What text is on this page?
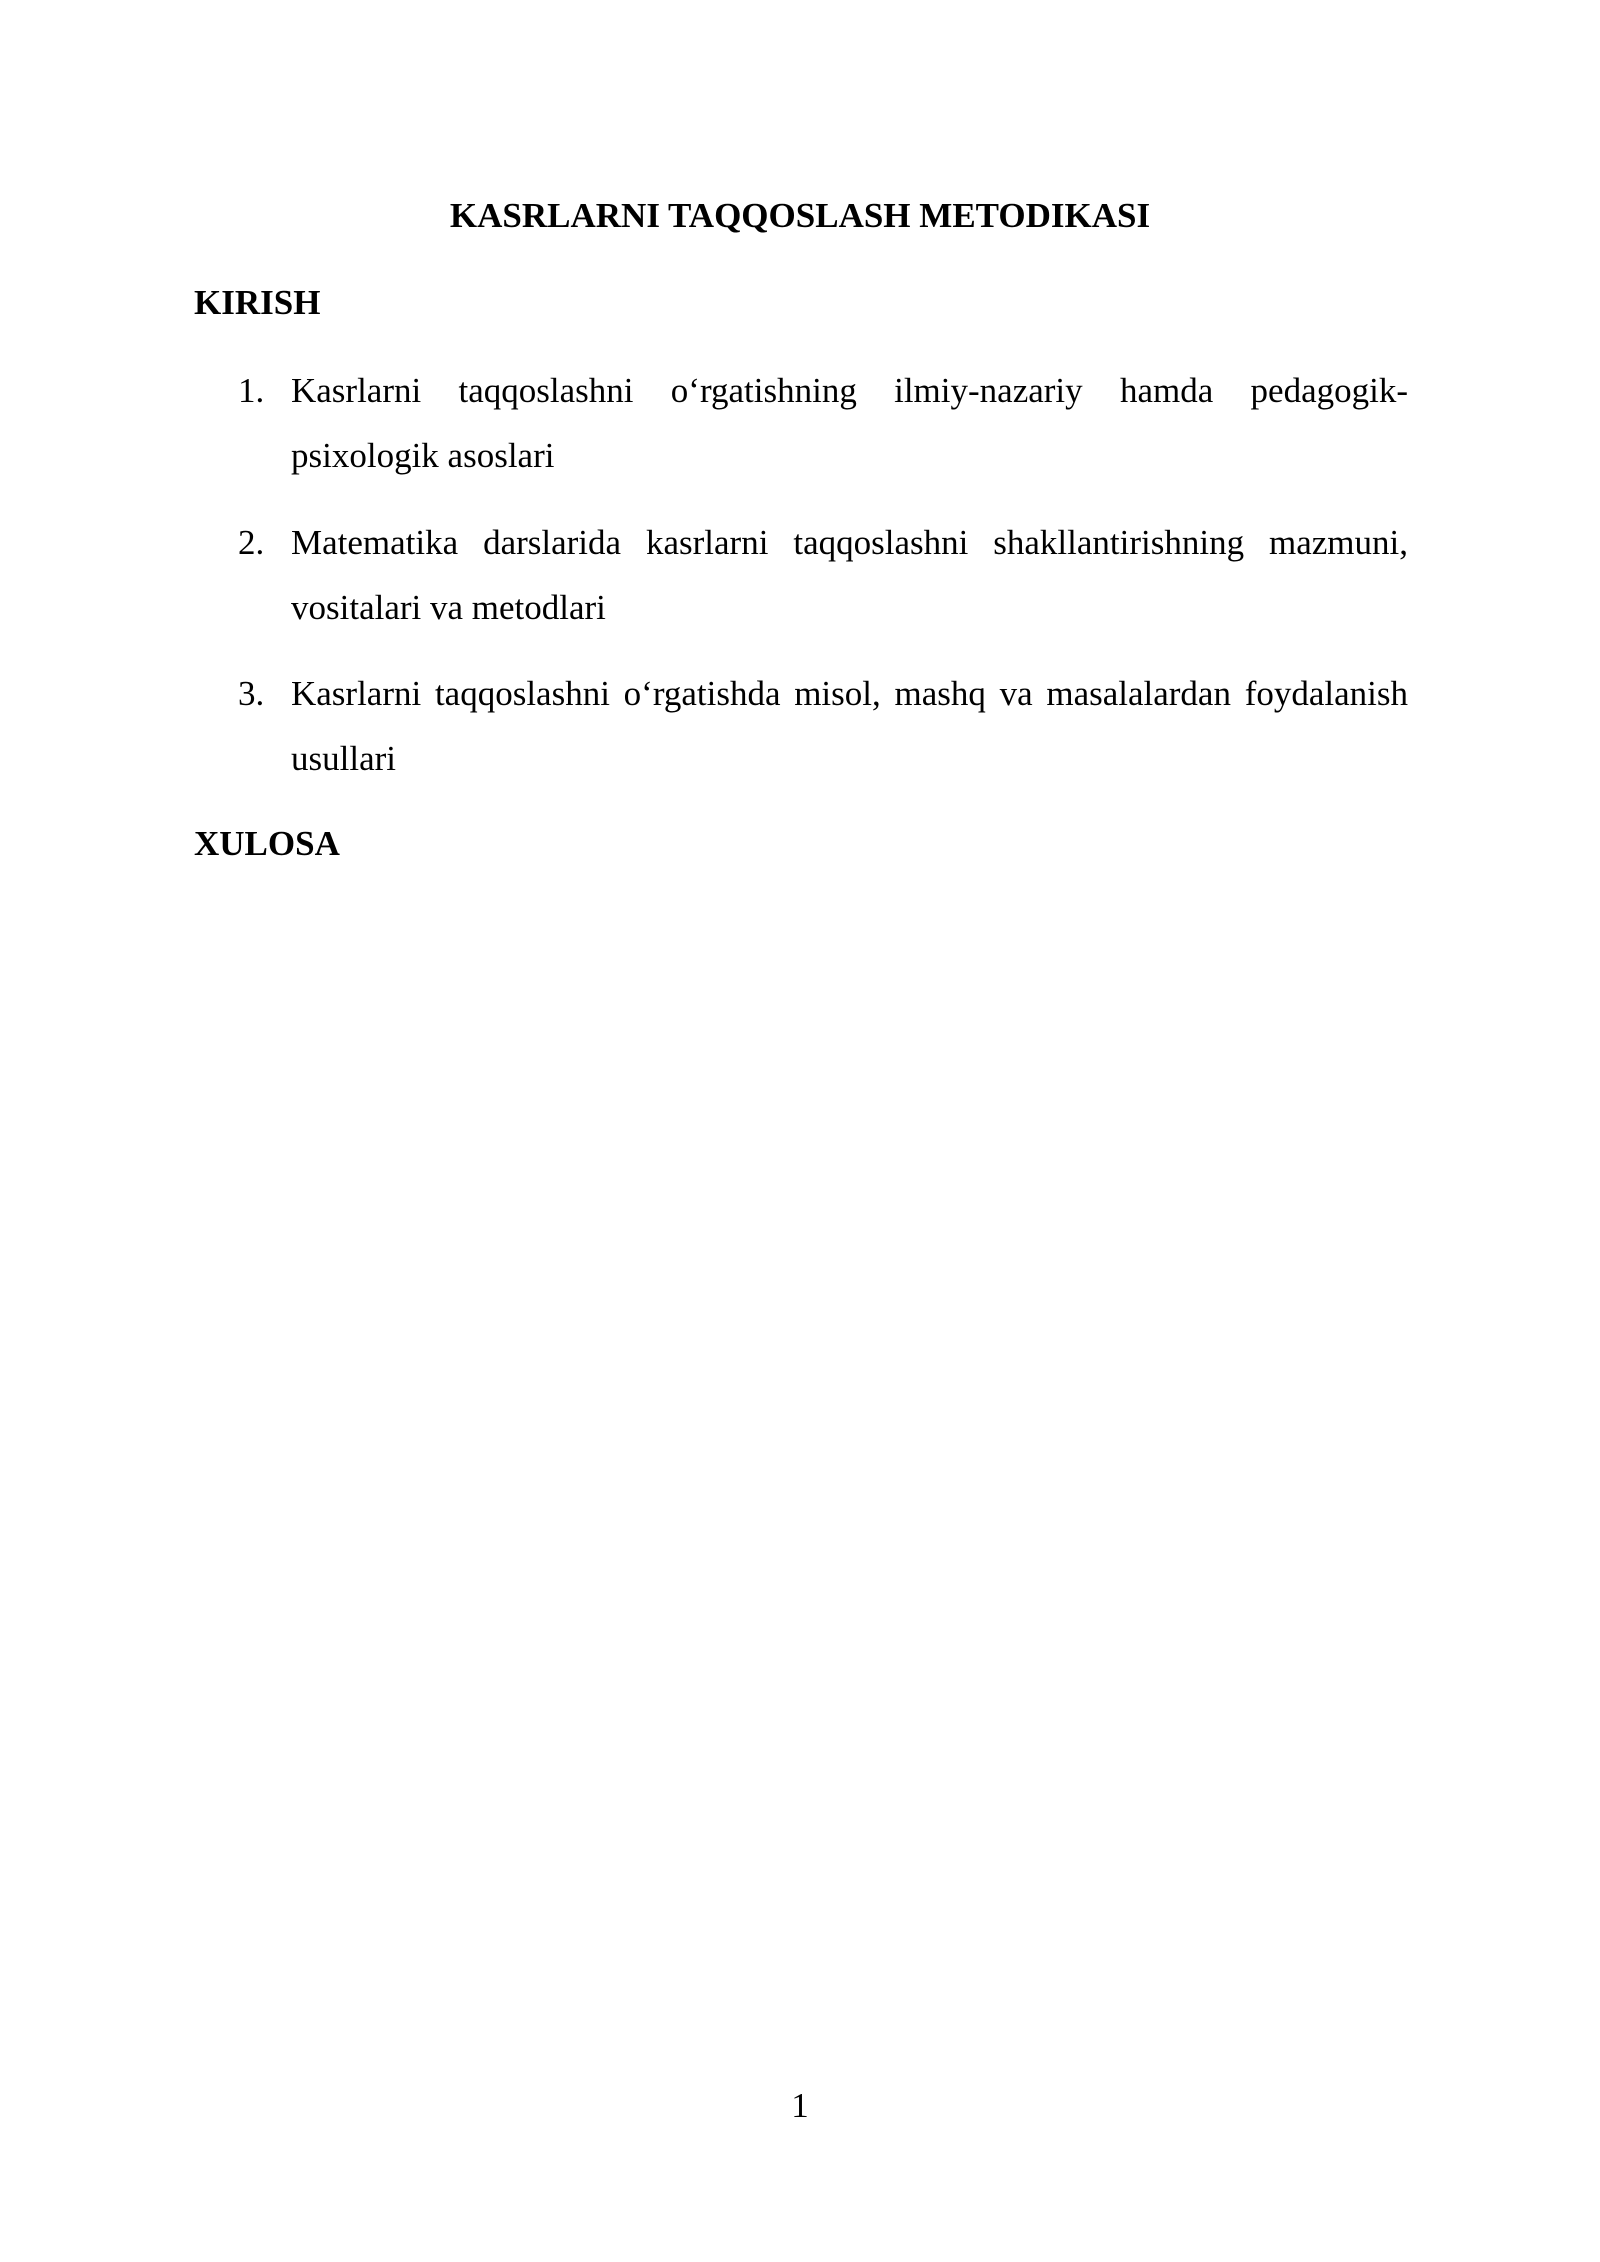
KASRLARNI TAQQOSLASH METODIKASI
KIRISH
1. Kasrlarni taqqoslashni o‘rgatishning ilmiy-nazariy hamda pedagogik-psixologik asoslari
2. Matematika darslarida kasrlarni taqqoslashni shakllantirishning mazmuni, vositalari va metodlari
3. Kasrlarni taqqoslashni o‘rgatishda misol, mashq va masalalardan foydalanish usullari
XULOSA
1
